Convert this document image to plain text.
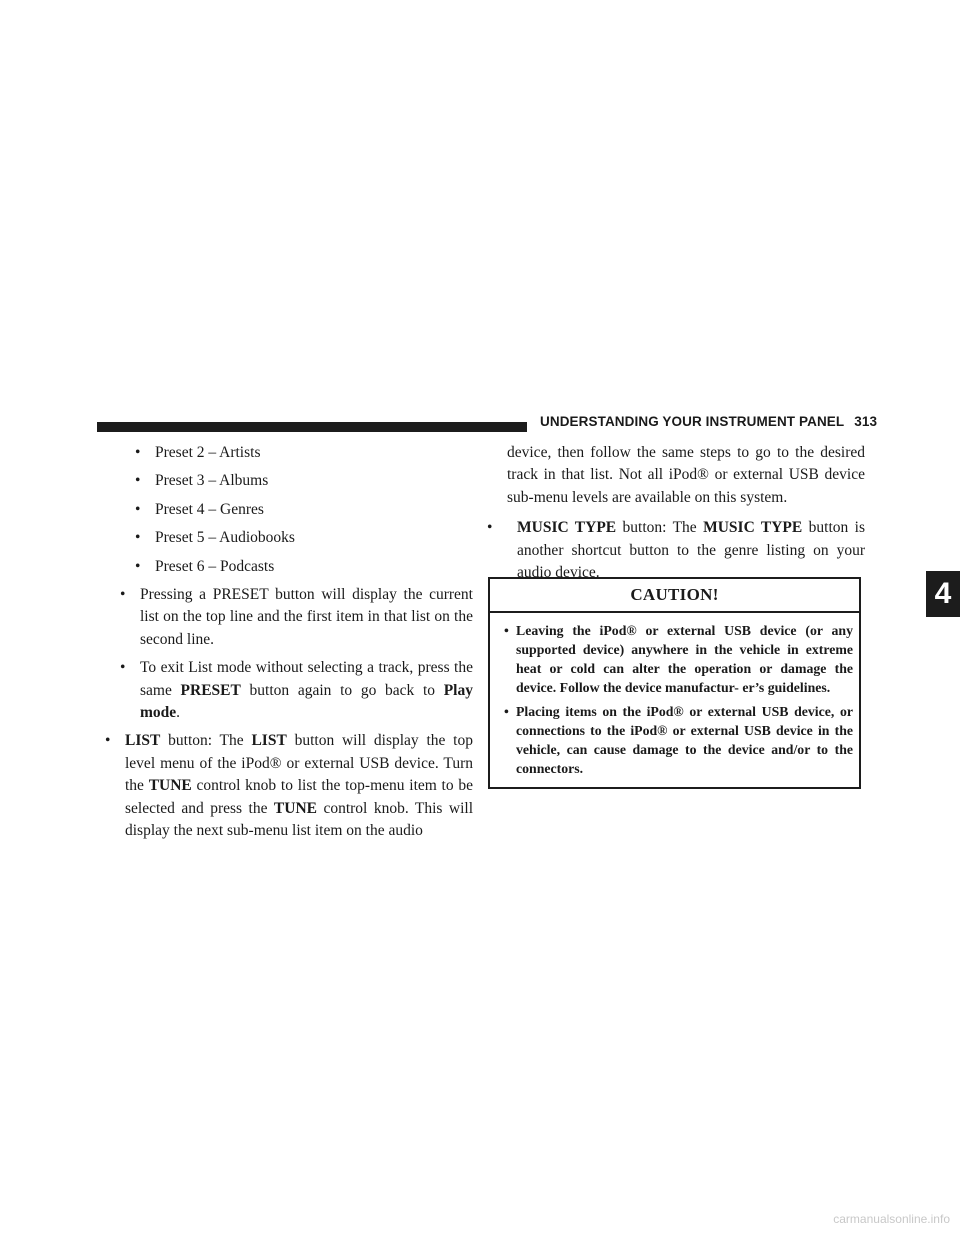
UNDERSTANDING YOUR INSTRUMENT PANEL 313
• Preset 2 – Artists
• Preset 3 – Albums
• Preset 4 – Genres
• Preset 5 – Audiobooks
• Preset 6 – Podcasts
• Pressing a PRESET button will display the current list on the top line and the first item in that list on the second line.
• To exit List mode without selecting a track, press the same PRESET button again to go back to Play mode.
• LIST button: The LIST button will display the top level menu of the iPod® or external USB device. Turn the TUNE control knob to list the top-menu item to be selected and press the TUNE control knob. This will display the next sub-menu list item on the audio
device, then follow the same steps to go to the desired track in that list. Not all iPod® or external USB device sub-menu levels are available on this system.
•	MUSIC TYPE button: The MUSIC TYPE button is another shortcut button to the genre listing on your audio device.
CAUTION!
• Leaving the iPod® or external USB device (or any supported device) anywhere in the vehicle in extreme heat or cold can alter the operation or damage the device. Follow the device manufactur- er’s guidelines.
• Placing items on the iPod® or external USB device, or connections to the iPod® or external USB device in the vehicle, can cause damage to the device and/or to the connectors.
4
carmanualsonline.info
